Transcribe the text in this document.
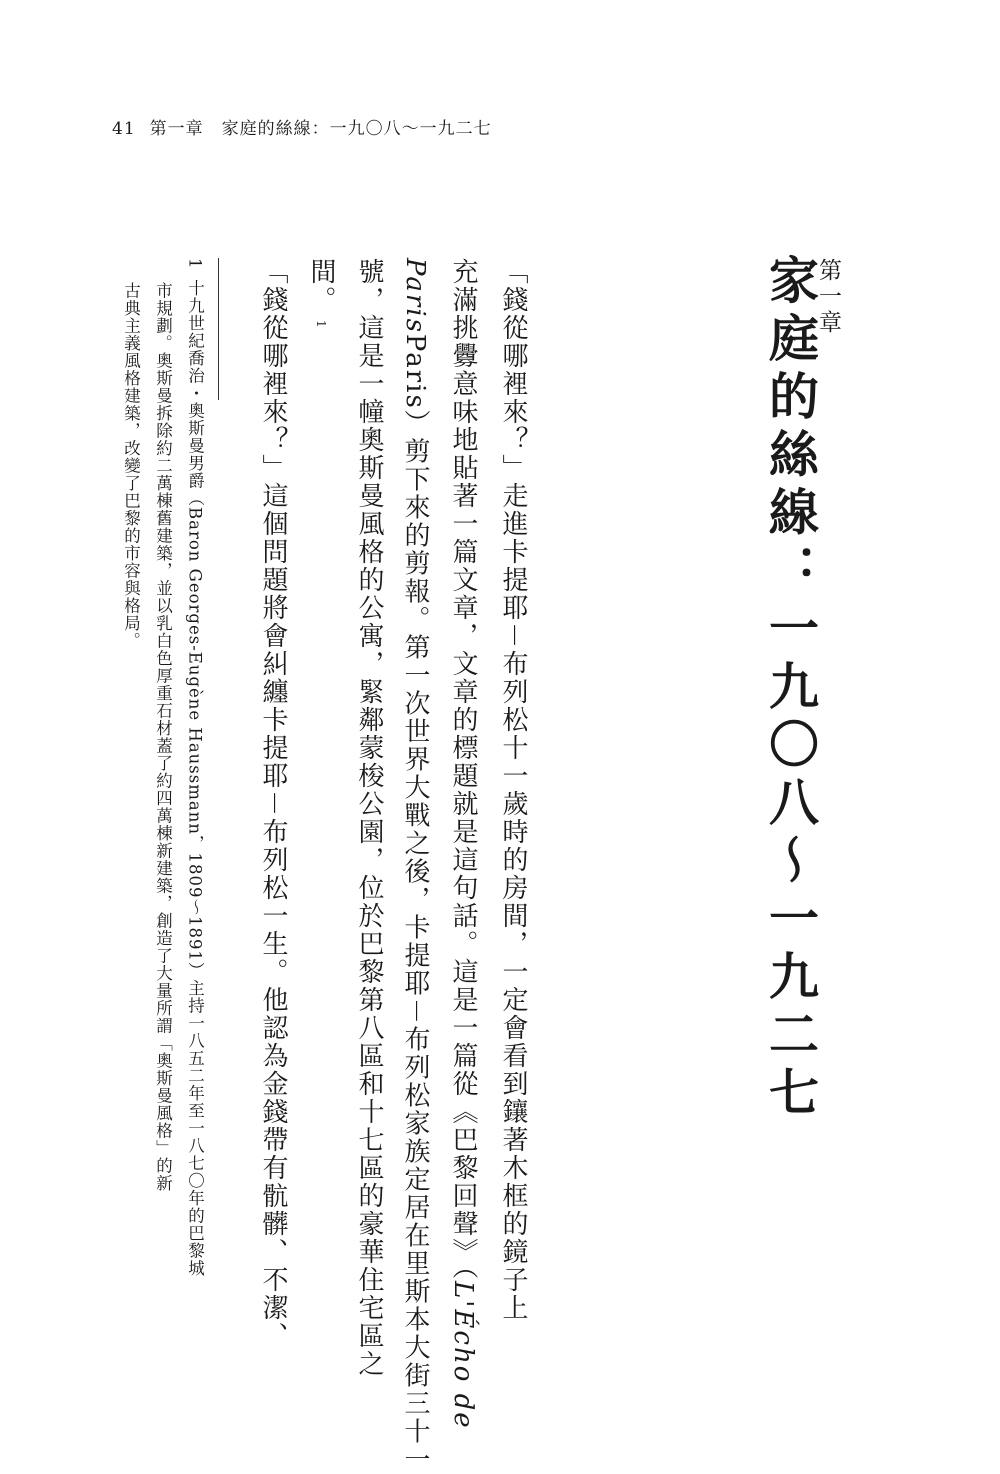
41 第一章　家庭的絲線：一九〇八～一九二七
第一章
家庭的絲線：一九〇八～一九二七
「錢從哪裡來？」走進卡提耶－布列松十一歲時的房間，一定會看到鑲著木框的鏡子上
充滿挑釁意味地貼著一篇文章，文章的標題就是這句話。這是一篇從《巴黎回聲》（L'Écho de
ParisParis）剪下來的剪報。第一次世界大戰之後，卡提耶－布列松家族定居在里斯本大街三十一
號，這是一幢奧斯曼風格的公寓，緊鄰蒙梭公園，位於巴黎第八區和十七區的豪華住宅區之
間。1
「錢從哪裡來？」這個問題將會糾纏卡提耶－布列松一生。他認為金錢帶有骯髒、不潔、
1十九世紀喬治・奧斯曼男爵（Baron Georges-Eugène Haussmann，1809～1891）主持一八五二年至一八七〇年的巴黎城
市規劃。奧斯曼拆除約二萬棟舊建築，並以乳白色厚重石材蓋了約四萬棟新建築，創造了大量所謂「奧斯曼風格」的新
古典主義風格建築，改變了巴黎的市容與格局。
